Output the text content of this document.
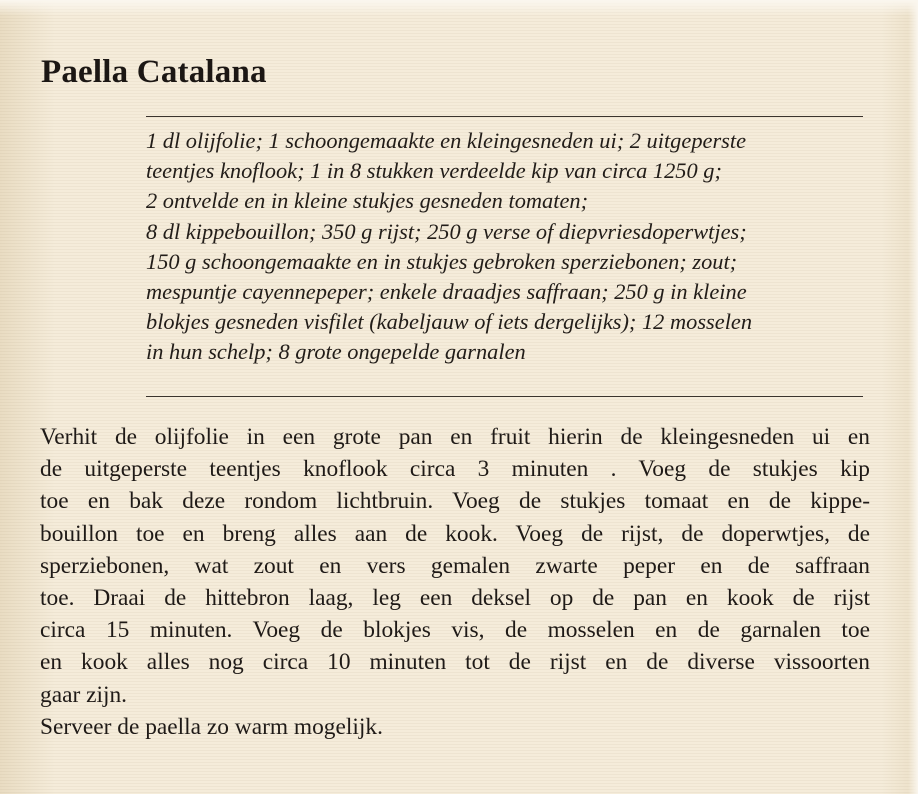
Paella Catalana
1 dl olijfolie; 1 schoongemaakte en kleingesneden ui; 2 uitgeperste
teentjes knoflook; 1 in 8 stukken verdeelde kip van circa 1250 g;
2 ontvelde en in kleine stukjes gesneden tomaten;
8 dl kippebouillon; 350 g rijst; 250 g verse of diepvriesdoperwtjes;
150 g schoongemaakte en in stukjes gebroken sperziebonen; zout;
mespuntje cayennepeper; enkele draadjes saffraan; 250 g in kleine
blokjes gesneden visfilet (kabeljauw of iets dergelijks); 12 mosselen
in hun schelp; 8 grote ongepelde garnalen
Verhit de olijfolie in een grote pan en fruit hierin de kleingesneden ui en
de uitgeperste teentjes knoflook circa 3 minuten . Voeg de stukjes kip
toe en bak deze rondom lichtbruin. Voeg de stukjes tomaat en de kippe-
bouillon toe en breng alles aan de kook. Voeg de rijst, de doperwtjes, de
sperziebonen, wat zout en vers gemalen zwarte peper en de saffraan
toe. Draai de hittebron laag, leg een deksel op de pan en kook de rijst
circa 15 minuten. Voeg de blokjes vis, de mosselen en de garnalen toe
en kook alles nog circa 10 minuten tot de rijst en de diverse vissoorten
gaar zijn.
Serveer de paella zo warm mogelijk.
